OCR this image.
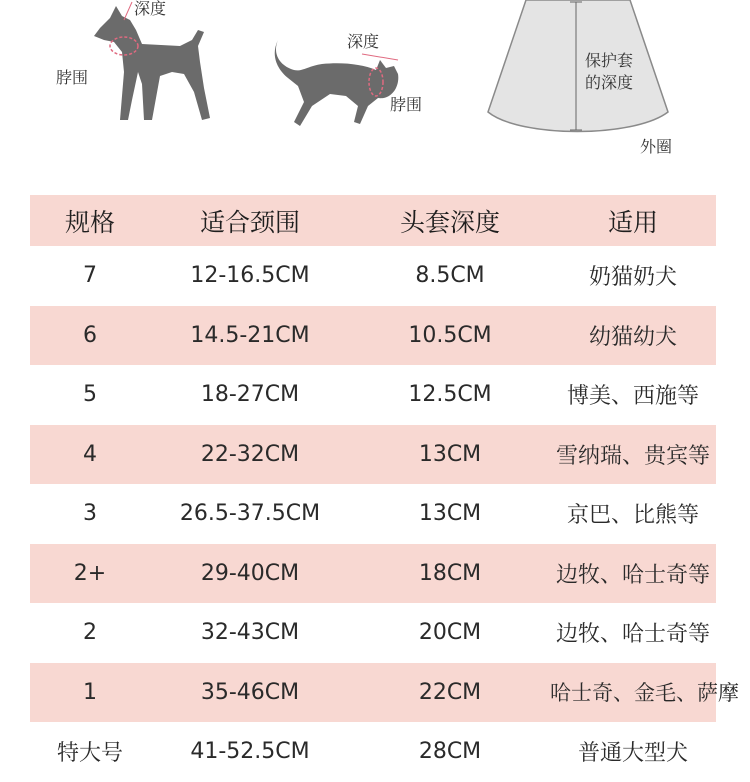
深度
脖围
深度
脖围
保护套
的深度
外圈
规格	适合颈围	头套深度	适用
7	12-16.5CM	8.5CM	奶猫奶犬
6	14.5-21CM	10.5CM	幼猫幼犬
5	18-27CM	12.5CM	博美、西施等
4	22-32CM	13CM	雪纳瑞、贵宾等
3	26.5-37.5CM	13CM	京巴、比熊等
2+	29-40CM	18CM	边牧、哈士奇等
2	32-43CM	20CM	边牧、哈士奇等
1	35-46CM	22CM	哈士奇、金毛、萨摩
特大号	41-52.5CM	28CM	普通大型犬
